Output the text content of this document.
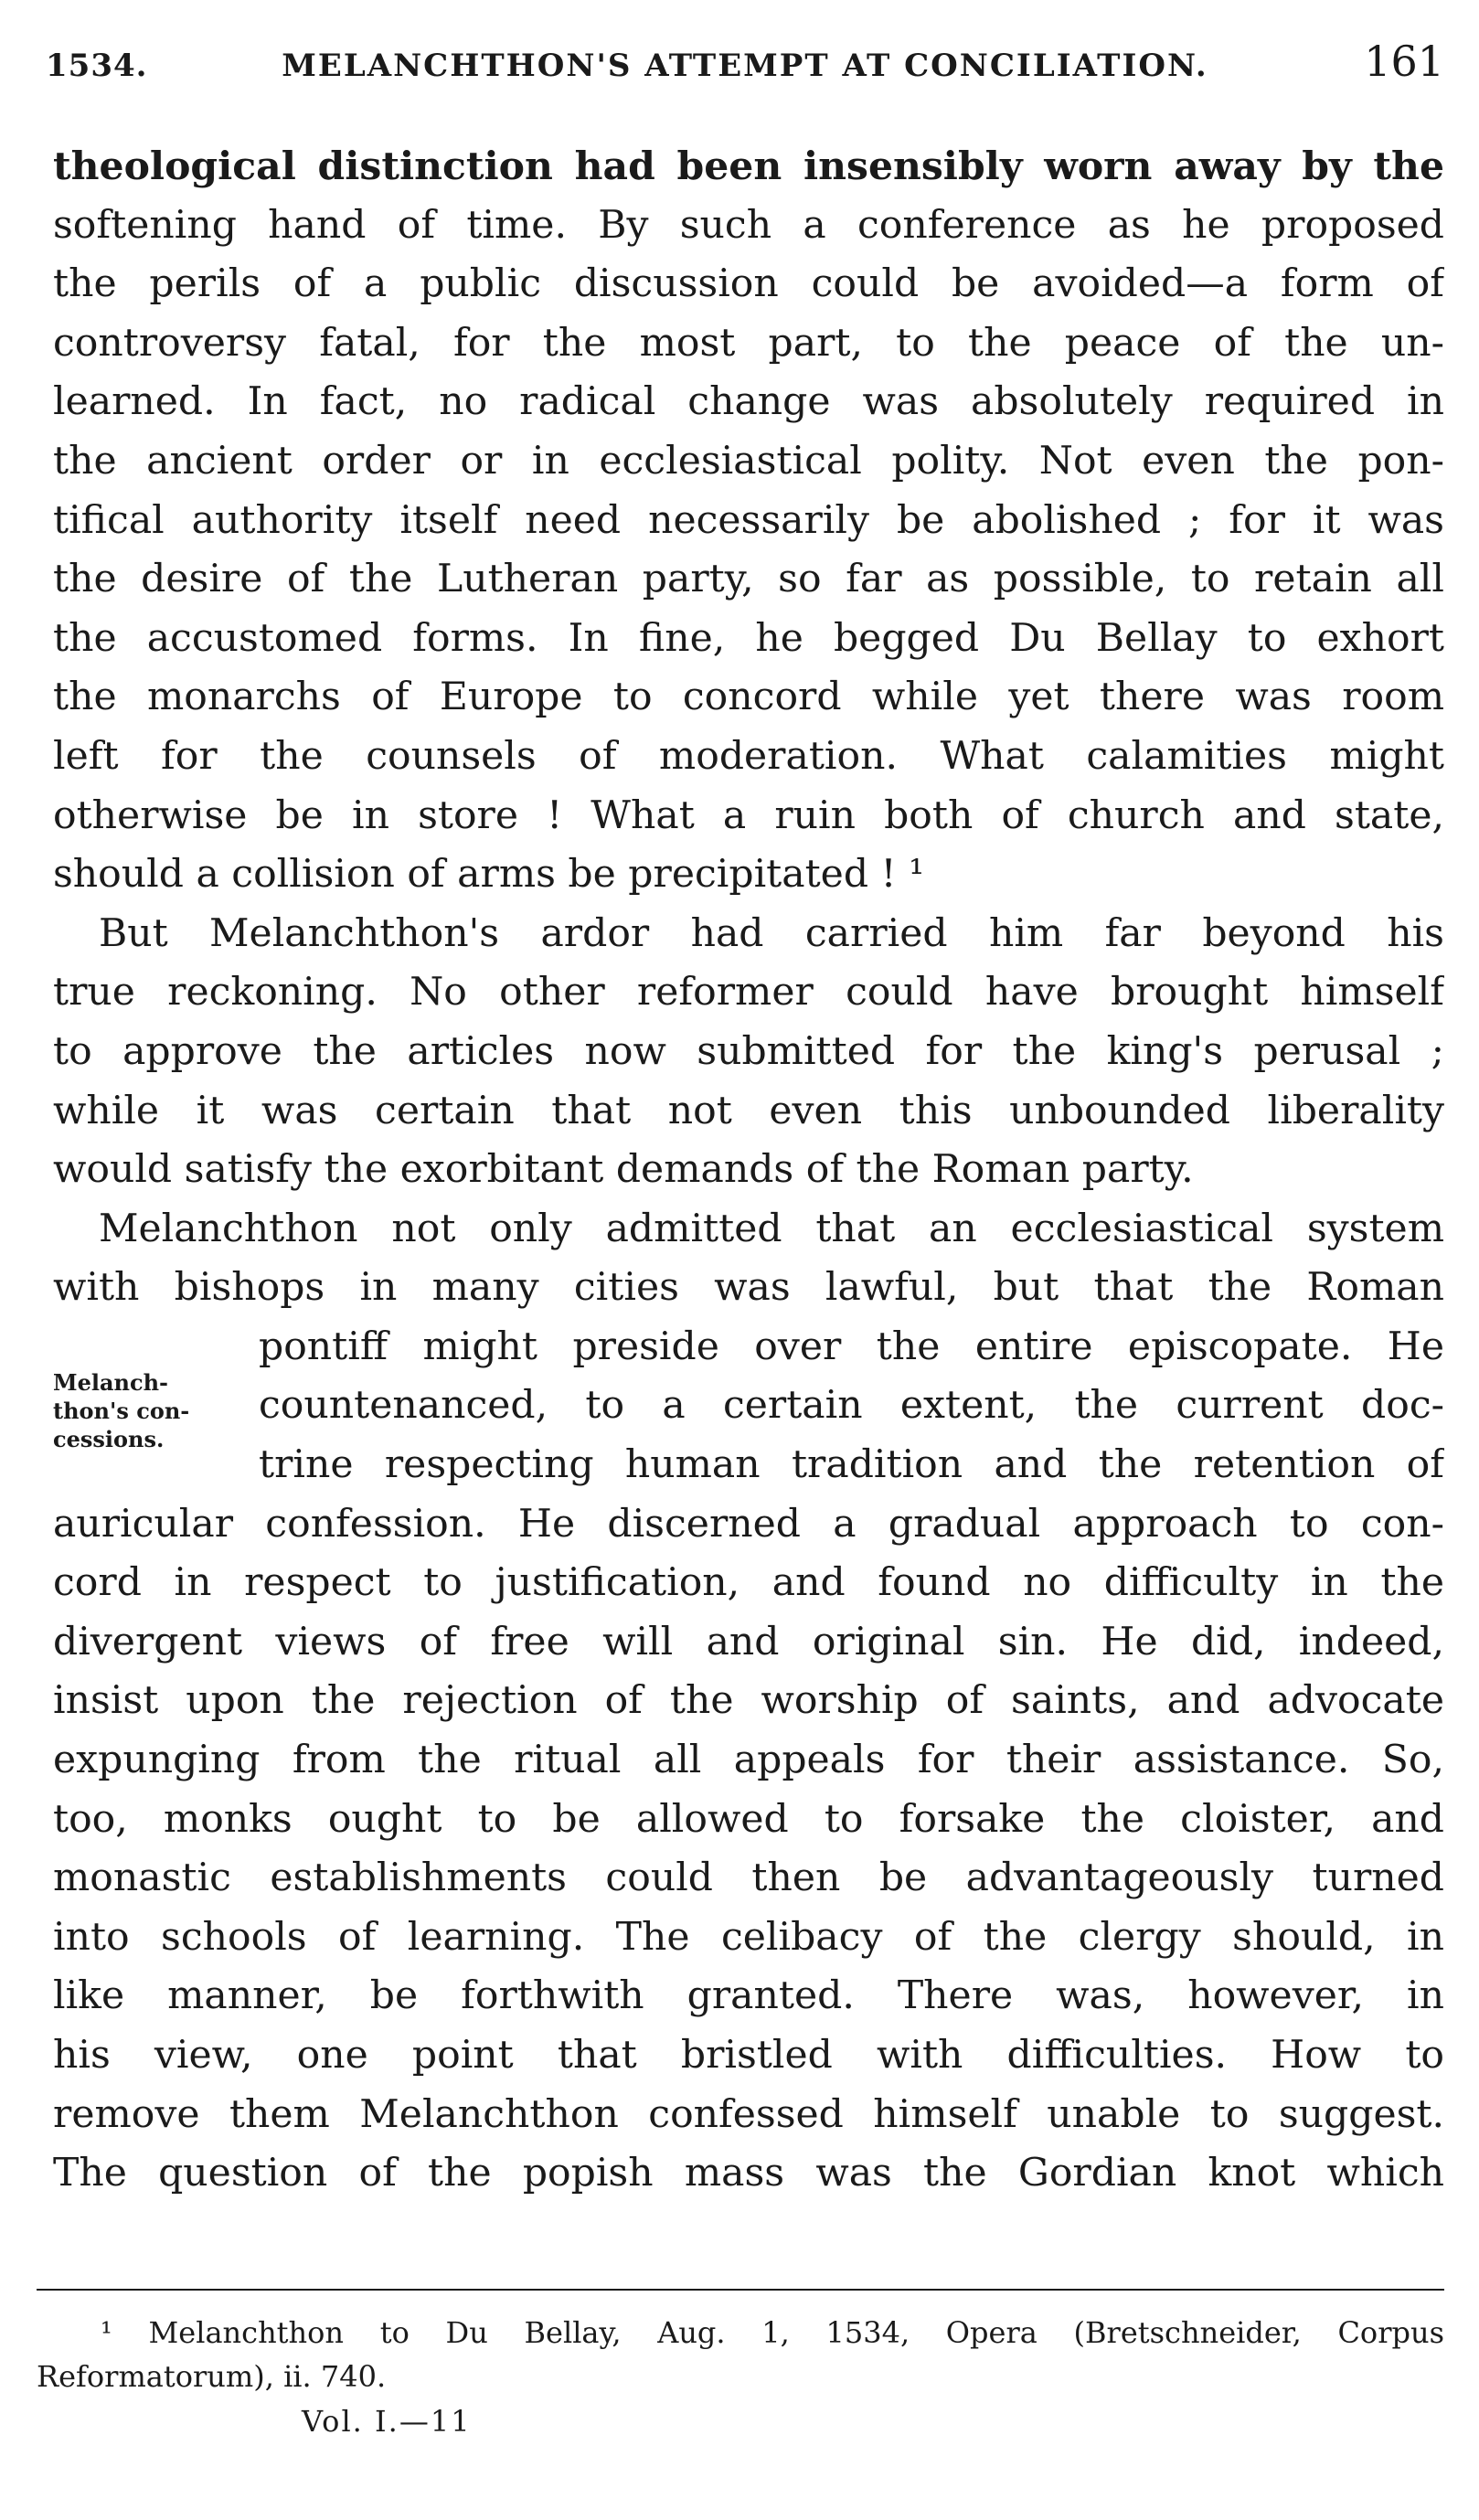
1534.	MELANCHTHON'S ATTEMPT AT CONCILIATION.	161
theological distinction had been insensibly worn away by the
softening hand of time. By such a conference as he proposed
the perils of a public discussion could be avoided—a form of
controversy fatal, for the most part, to the peace of the un-
learned. In fact, no radical change was absolutely required in
the ancient order or in ecclesiastical polity. Not even the pon-
tifical authority itself need necessarily be abolished ; for it was
the desire of the Lutheran party, so far as possible, to retain all
the accustomed forms. In fine, he begged Du Bellay to exhort
the monarchs of Europe to concord while yet there was room
left for the counsels of moderation. What calamities might
otherwise be in store ! What a ruin both of church and state,
should a collision of arms be precipitated ! ¹
But Melanchthon's ardor had carried him far beyond his
true reckoning. No other reformer could have brought himself
to approve the articles now submitted for the king's perusal ;
while it was certain that not even this unbounded liberality
would satisfy the exorbitant demands of the Roman party.
Melanchthon not only admitted that an ecclesiastical system
with bishops in many cities was lawful, but that the Roman
pontiff might preside over the entire episcopate. He
countenanced, to a certain extent, the current doc-
trine respecting human tradition and the retention of
auricular confession. He discerned a gradual approach to con-
cord in respect to justification, and found no difficulty in the
divergent views of free will and original sin. He did, indeed,
insist upon the rejection of the worship of saints, and advocate
expunging from the ritual all appeals for their assistance. So,
too, monks ought to be allowed to forsake the cloister, and
monastic establishments could then be advantageously turned
into schools of learning. The celibacy of the clergy should, in
like manner, be forthwith granted. There was, however, in
his view, one point that bristled with difficulties. How to
remove them Melanchthon confessed himself unable to suggest.
The question of the popish mass was the Gordian knot which
Melanch-
thon's con-
cessions.
¹ Melanchthon to Du Bellay, Aug. 1, 1534, Opera (Bretschneider, Corpus
Reformatorum), ii. 740.
Vol. I.—11
